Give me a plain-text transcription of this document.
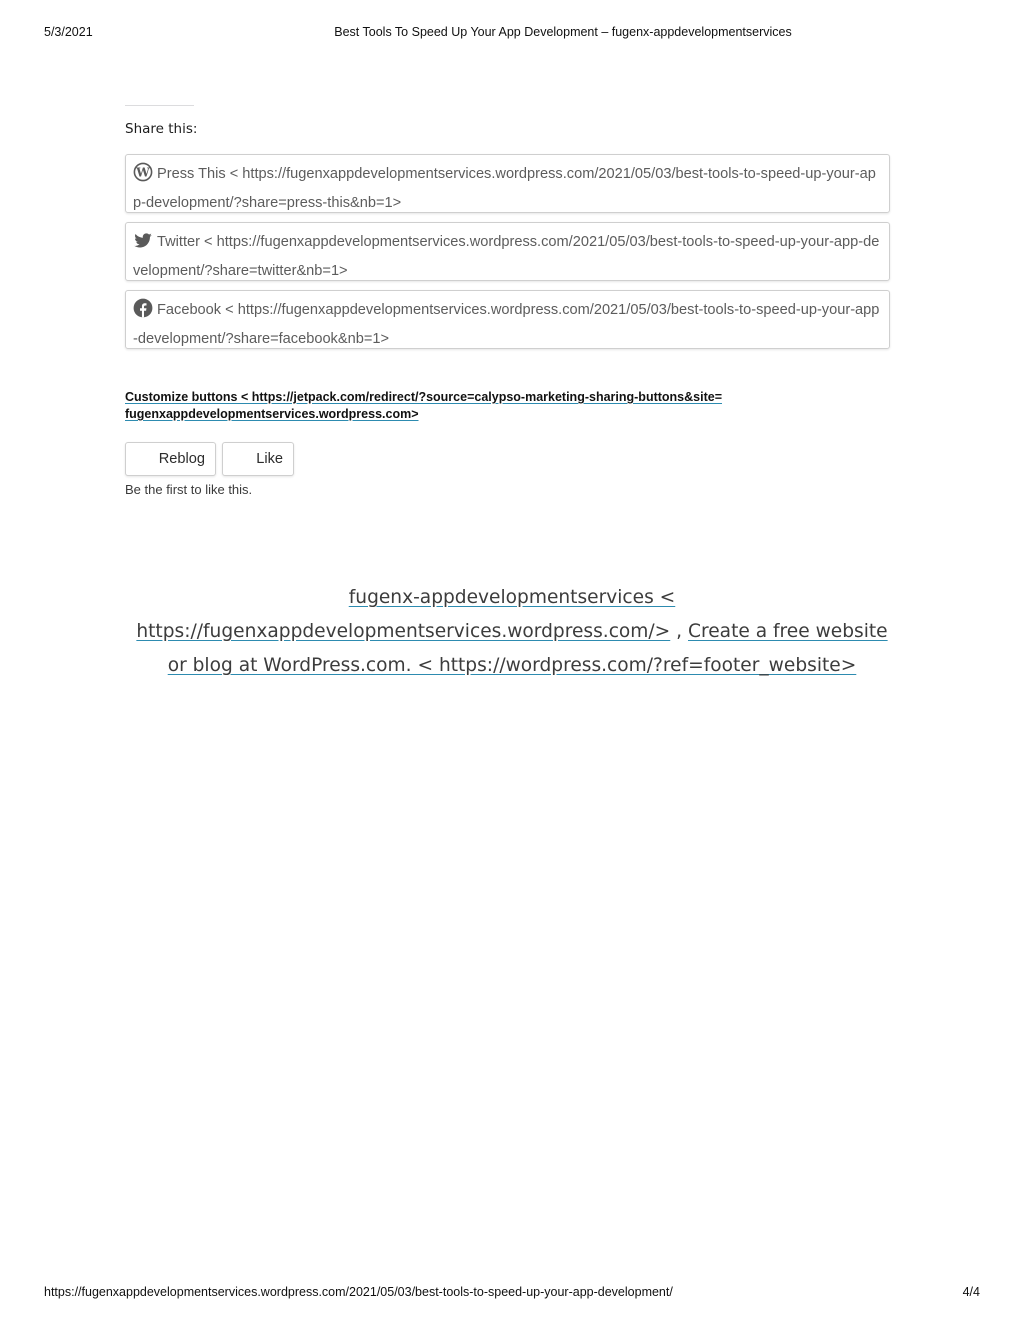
5/3/2021	Best Tools To Speed Up Your App Development – fugenx-appdevelopmentservices
Share this:
W Press This < https://fugenxappdevelopmentservices.wordpress.com/2021/05/03/best-tools-to-speed-up-your-app-development/?share=press-this&nb=1>
Twitter < https://fugenxappdevelopmentservices.wordpress.com/2021/05/03/best-tools-to-speed-up-your-app-development/?share=twitter&nb=1>
Facebook < https://fugenxappdevelopmentservices.wordpress.com/2021/05/03/best-tools-to-speed-up-your-app-development/?share=facebook&nb=1>
Customize buttons < https://jetpack.com/redirect/?source=calypso-marketing-sharing-buttons&site=fugenxappdevelopmentservices.wordpress.com>
Reblog	Like
Be the first to like this.
fugenx-appdevelopmentservices < https://fugenxappdevelopmentservices.wordpress.com/> , Create a free website or blog at WordPress.com. < https://wordpress.com/?ref=footer_website>
https://fugenxappdevelopmentservices.wordpress.com/2021/05/03/best-tools-to-speed-up-your-app-development/	4/4
